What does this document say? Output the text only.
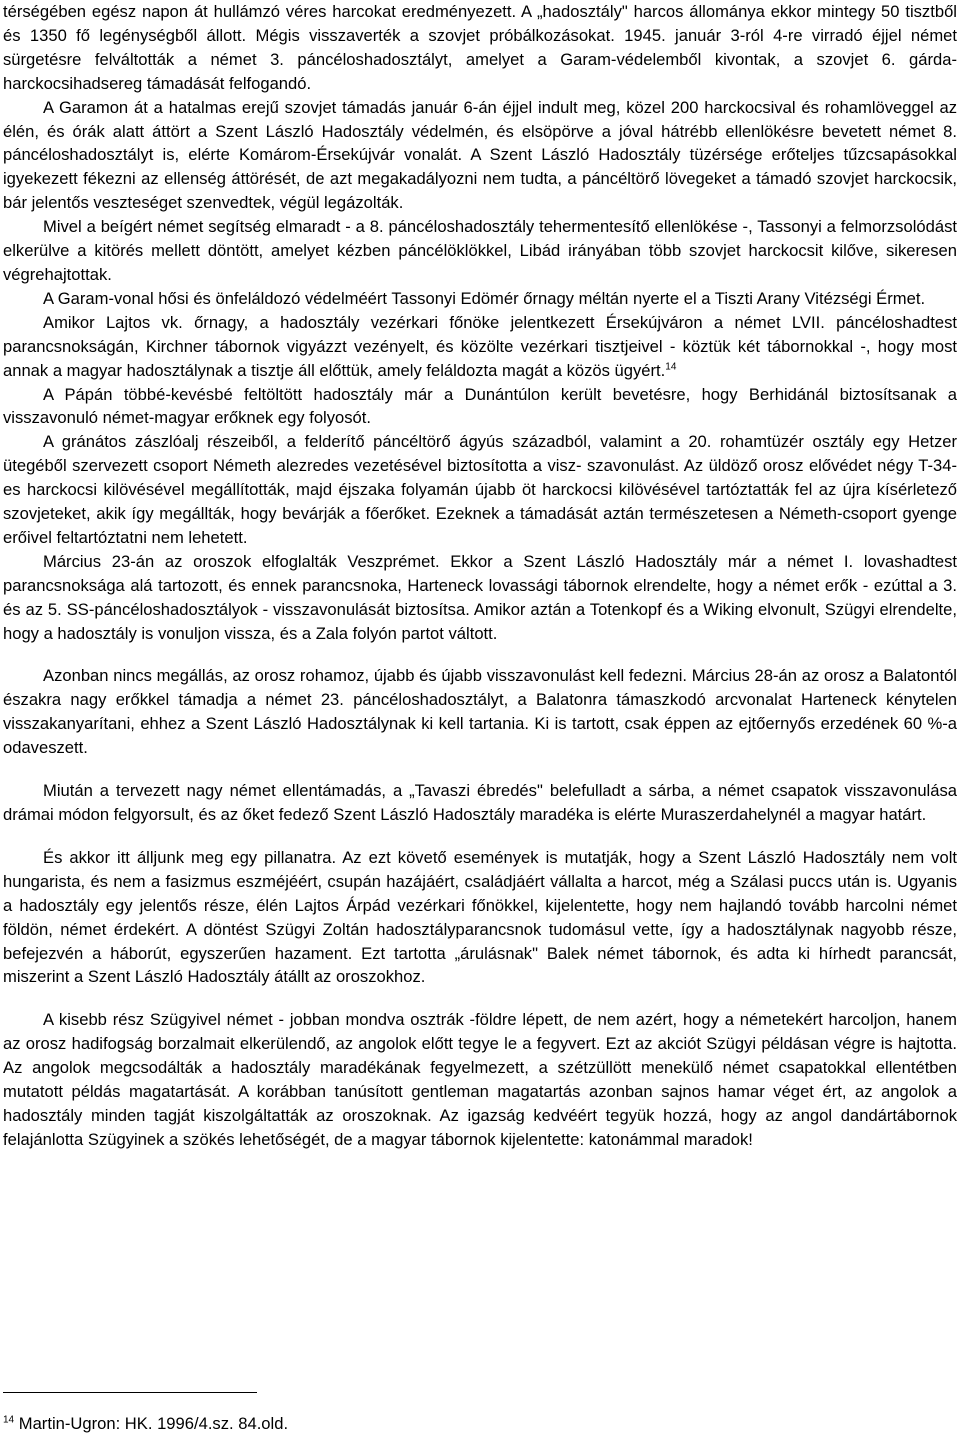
térségében egész napon át hullámzó véres harcokat eredményezett. A „hadosztály" harcos állománya ekkor mintegy 50 tisztből és 1350 fő legénységből állott. Mégis visszaverték a szovjet próbálkozásokat. 1945. január 3-ról 4-re virradó éjjel német sürgetésre felváltották a német 3. páncéloshadosztályt, amelyet a Garam-védelemből kivontak, a szovjet 6. gárda-harckocsihadsereg támadását felfogandó.

A Garamon át a hatalmas erejű szovjet támadás január 6-án éjjel indult meg, közel 200 harckocsival és rohamlöveggel az élén, és órák alatt áttört a Szent László Hadosztály védelmén, és elsöpörve a jóval hátrébb ellenlökésre bevetett német 8. páncéloshadosztályt is, elérte Komárom-Érsekújvár vonalát. A Szent László Hadosztály tüzérsége erőteljes tűzcsapásokkal igyekezett fékezni az ellenség áttörését, de azt megakadályozni nem tudta, a páncéltörő lövegeket a támadó szovjet harckocsik, bár jelentős veszteséget szenvedtek, végül legázolták.

Mivel a beígért német segítség elmaradt - a 8. páncéloshadosztály tehermentesítő ellenlökése -, Tassonyi a felmorzsolódást elkerülve a kitörés mellett döntött, amelyet kézben páncélöklökkel, Libád irányában több szovjet harckocsit kilőve, sikeresen végrehajtottak.

A Garam-vonal hősi és önfeláldozó védelméért Tassonyi Edömér őrnagy méltán nyerte el a Tiszti Arany Vitézségi Érmet.

Amikor Lajtos vk. őrnagy, a hadosztály vezérkari főnöke jelentkezett Érsekújváron a német LVII. páncéloshadtest parancsnokságán, Kirchner tábornok vigyázzt vezényelt, és közölte vezérkari tisztjeivel - köztük két tábornokkal -, hogy most annak a magyar hadosztálynak a tisztje áll előttük, amely feláldozta magát a közös ügyért.$^{14}$

A Pápán többé-kevésbé feltöltött hadosztály már a Dunántúlon került bevetésre, hogy Berhidánál biztosítsanak a visszavonuló német-magyar erőknek egy folyosót.

A gránátos zászlóalj részeiből, a felderítő páncéltörő ágyús századból, valamint a 20. rohamtüzér osztály egy Hetzer ütegéből szervezett csoport Németh alezredes vezetésével biztosította a visz- szavonulást. Az üldöző orosz elővédet négy T-34-es harckocsi kilövésével megállították, majd éjszaka folyamán újabb öt harckocsi kilövésével tartóztatták fel az újra kísérletező szovjeteket, akik így megállták, hogy bevárják a főerőket. Ezeknek a támadását aztán természetesen a Németh-csoport gyenge erőivel feltartóztatni nem lehetett.

Március 23-án az oroszok elfoglalták Veszprémet. Ekkor a Szent László Hadosztály már a német I. lovashadtest parancsnoksága alá tartozott, és ennek parancsnoka, Harteneck lovassági tábornok elrendelte, hogy a német erők - ezúttal a 3. és az 5. SS-páncéloshadosztályok - visszavonulását biztosítsa. Amikor aztán a Totenkopf és a Wiking elvonult, Szügyi elrendelte, hogy a hadosztály is vonuljon vissza, és a Zala folyón partot váltott.

Azonban nincs megállás, az orosz rohamoz, újabb és újabb visszavonulást kell fedezni. Március 28-án az orosz a Balatontól északra nagy erőkkel támadja a német 23. páncéloshadosztályt, a Balatonra támaszkodó arcvonalat Harteneck kénytelen visszakanyarítani, ehhez a Szent László Hadosztálynak ki kell tartania. Ki is tartott, csak éppen az ejtőernyős erzedének 60 %-a odaveszett.

Miután a tervezett nagy német ellentámadás, a „Tavaszi ébredés" belefulladt a sárba, a német csapatok visszavonulása drámai módon felgyorsult, és az őket fedező Szent László Hadosztály maradéka is elérte Muraszerdahelynél a magyar határt.

És akkor itt álljunk meg egy pillanatra. Az ezt követő események is mutatják, hogy a Szent László Hadosztály nem volt hungarista, és nem a fasizmus eszméjéért, csupán hazájáért, családjáért vállalta a harcot, még a Szálasi puccs után is. Ugyanis a hadosztály egy jelentős része, élén Lajtos Árpád vezérkari főnökkel, kijelentette, hogy nem hajlandó tovább harcolni német földön, német érdekért. A döntést Szügyi Zoltán hadosztályparancsnok tudomásul vette, így a hadosztálynak nagyobb része, befejezvén a háborút, egyszerűen hazament. Ezt tartotta „árulásnak" Balek német tábornok, és adta ki hírhedt parancsát, miszerint a Szent László Hadosztály átállt az oroszokhoz.

A kisebb rész Szügyivel német - jobban mondva osztrák -földre lépett, de nem azért, hogy a németekért harcoljon, hanem az orosz hadifogság borzalmait elkerülendő, az angolok előtt tegye le a fegyvert. Ezt az akciót Szügyi példásan végre is hajtotta. Az angolok megcsodálták a hadosztály maradékának fegyelmezett, a szétzüllött menekülő német csapatokkal ellentétben mutatott példás magatartását. A korábban tanúsított gentleman magatartás azonban sajnos hamar véget ért, az angolok a hadosztály minden tagját kiszolgáltatták az oroszoknak. Az igazság kedvéért tegyük hozzá, hogy az angol dandártábornok felajánlotta Szügyinek a szökés lehetőségét, de a magyar tábornok kijelentette: katonámmal maradok!

$^{14}$ Martin-Ugron: HK. 1996/4.sz. 84.old.
